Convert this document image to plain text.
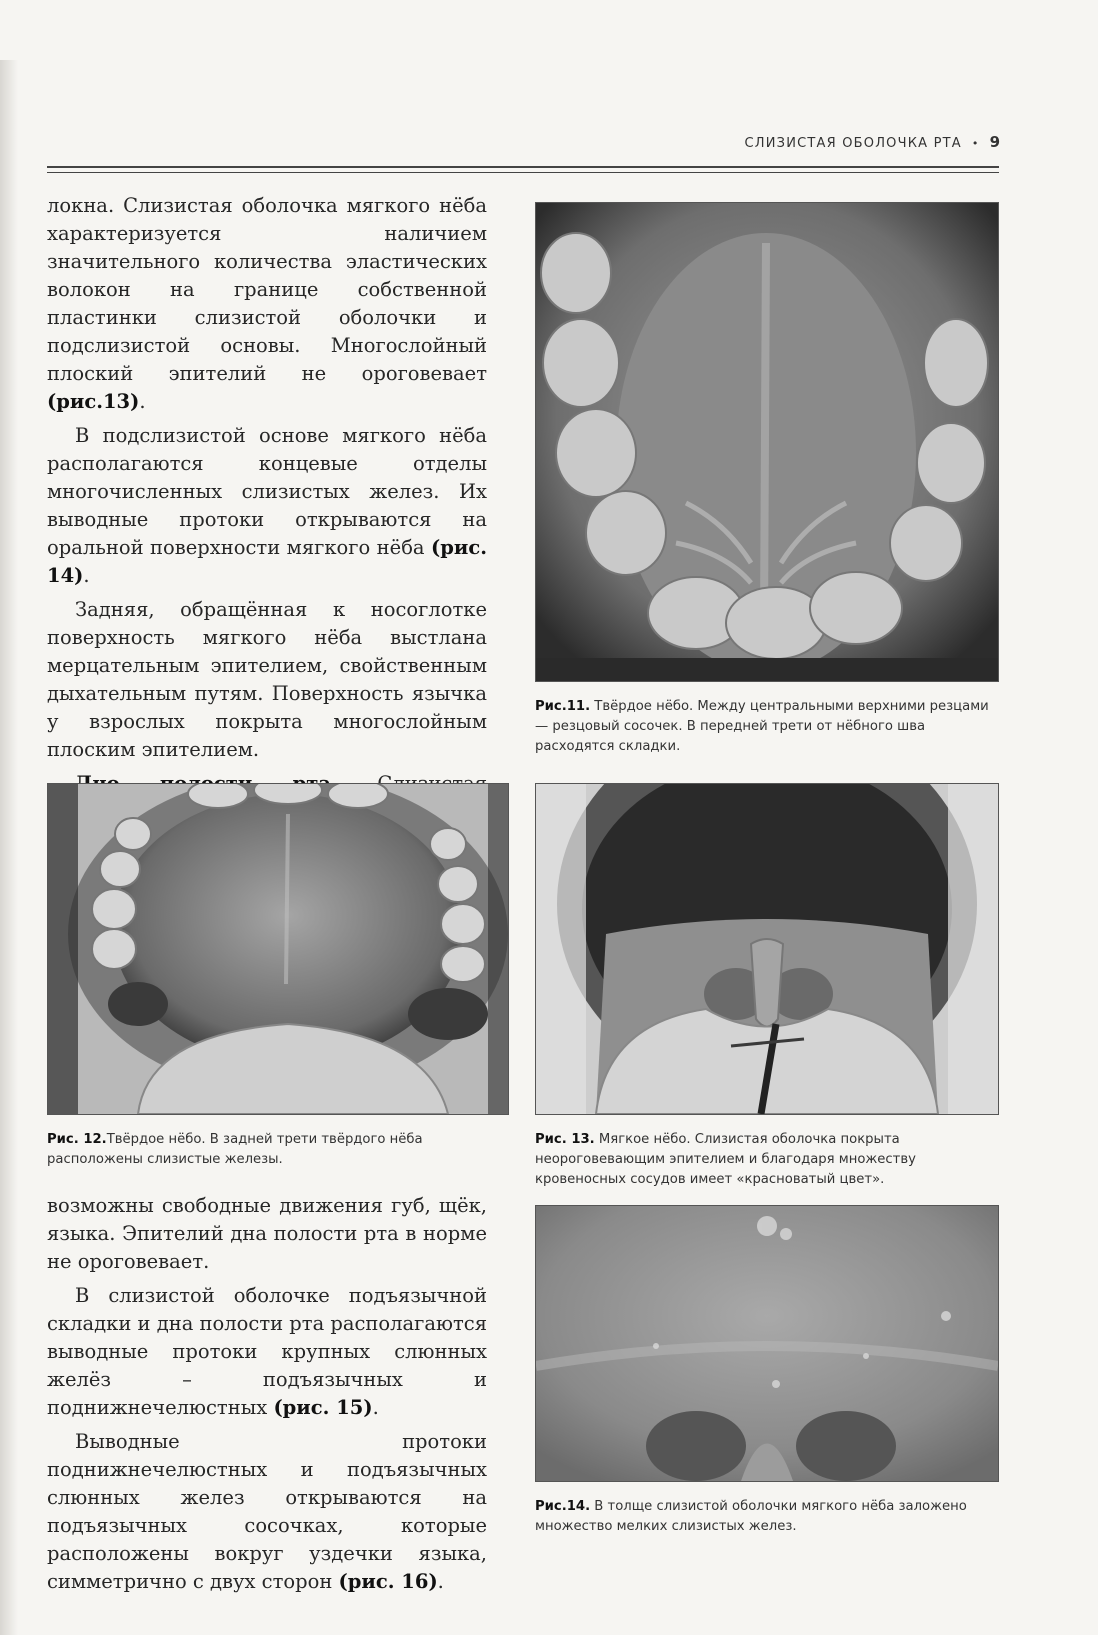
СЛИЗИСТАЯ ОБОЛОЧКА РТА • 9

локна. Слизистая оболочка мягкого нёба характеризуется наличием значительного количества эластических волокон на границе собственной пластинки слизистой оболочки и подслизистой основы. Многослойный плоский эпителий не ороговевает (рис.13).

В подслизистой основе мягкого нёба располагаются концевые отделы многочисленных слизистых желез. Их выводные протоки открываются на оральной поверхности мягкого нёба (рис. 14).

Задняя, обращённая к носоглотке поверхность мягкого нёба выстлана мерцательным эпителием, свойственным дыхательным путям. Поверхность язычка у взрослых покрыта многослойным плоским эпителием.

возможны свободные движения губ, щёк, языка. Эпителий дна полости рта в норме не ороговевает.

В слизистой оболочке подъязычной складки и дна полости рта располагаются выводные протоки крупных слюнных желёз – подъязычных и поднижнечелюстных (рис. 15).

Выводные протоки поднижнечелюстных и подъязычных слюнных желез открываются на подъязычных сосочках, которые расположены вокруг уздечки языка, симметрично с двух сторон (рис. 16).

Рис.11. Твёрдое нёбо. Между центральными верхними резцами — резцовый сосочек. В передней трети от нёбного шва расходятся складки.
Рис. 12.Твёрдое нёбо. В задней трети твёрдого нёба расположены слизистые железы.
Рис. 13. Мягкое нёбо. Слизистая оболочка покрыта неороговевающим эпителием и благодаря множеству кровеносных сосудов имеет «красноватый цвет».
Рис.14. В толще слизистой оболочки мягкого нёба заложено множество мелких слизистых желез.
